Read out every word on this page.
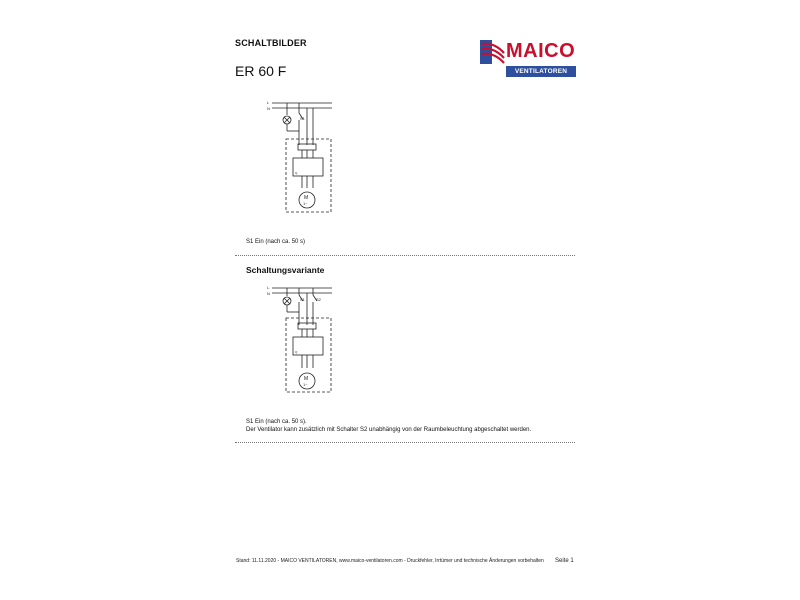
SCHALTBILDER
ER 60 F
MAICO
VENTILATOREN
L
N
S1
Q
M
1~
S1 Ein (nach ca. 50 s)
Schaltungsvariante
L
N
S1	S2
Q
M
1~
S1 Ein (nach ca. 50 s).
Der Ventilator kann zusätzlich mit Schalter S2 unabhängig von der Raumbeleuchtung abgeschaltet werden.
Stand: 11.11.2020 - MAICO VENTILATOREN, www.maico-ventilatoren.com - Druckfehler, Irrtümer und technische Änderungen vorbehalten Seite 1
